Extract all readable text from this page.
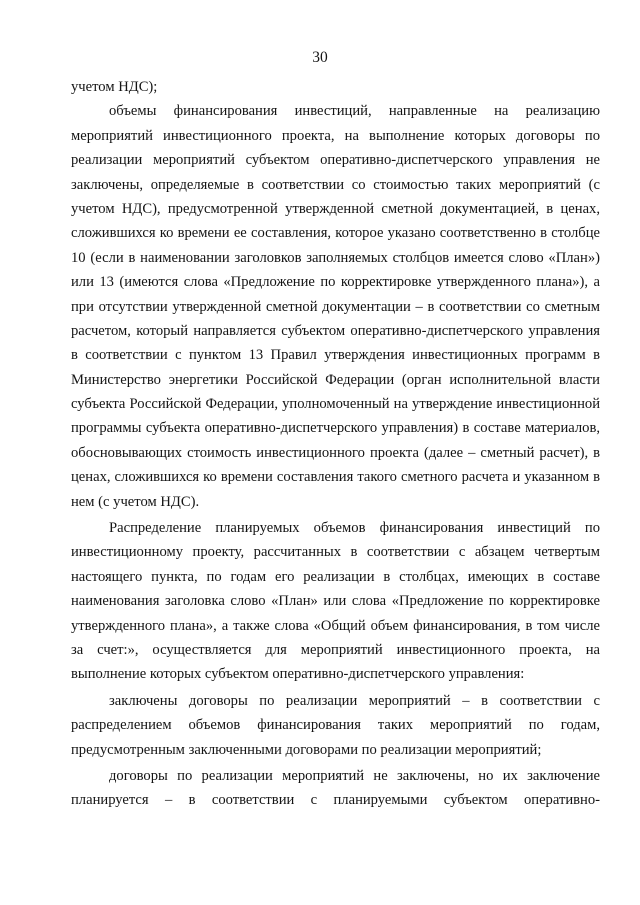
30
учетом НДС);
объемы финансирования инвестиций, направленные на реализацию
мероприятий инвестиционного проекта, на выполнение которых договоры по
реализации мероприятий субъектом оперативно-диспетчерского управления не
заключены, определяемые в соответствии со стоимостью таких мероприятий (с
учетом НДС), предусмотренной утвержденной сметной документацией, в ценах,
сложившихся ко времени ее составления, которое указано соответственно в столбце
10 (если в наименовании заголовков заполняемых столбцов имеется слово «План»)
или 13 (имеются слова «Предложение по корректировке утвержденного плана»), а
при отсутствии утвержденной сметной документации – в соответствии со сметным
расчетом, который направляется субъектом оперативно-диспетчерского управления
в соответствии с пунктом 13 Правил утверждения инвестиционных программ в
Министерство энергетики Российской Федерации (орган исполнительной власти
субъекта Российской Федерации, уполномоченный на утверждение инвестиционной
программы субъекта оперативно-диспетчерского управления) в составе материалов,
обосновывающих стоимость инвестиционного проекта (далее – сметный расчет), в
ценах, сложившихся ко времени составления такого сметного расчета и указанном в
нем (с учетом НДС).
Распределение планируемых объемов финансирования инвестиций по
инвестиционному проекту, рассчитанных в соответствии с абзацем четвертым
настоящего пункта, по годам его реализации в столбцах, имеющих в составе
наименования заголовка слово «План» или слова «Предложение по корректировке
утвержденного плана», а также слова «Общий объем финансирования, в том числе
за счет:», осуществляется для мероприятий инвестиционного проекта, на
выполнение которых субъектом оперативно-диспетчерского управления:
заключены договоры по реализации мероприятий – в соответствии с
распределением объемов финансирования таких мероприятий по годам,
предусмотренным заключенными договорами по реализации мероприятий;
договоры по реализации мероприятий не заключены, но их заключение
планируется – в соответствии с планируемыми субъектом оперативно-
